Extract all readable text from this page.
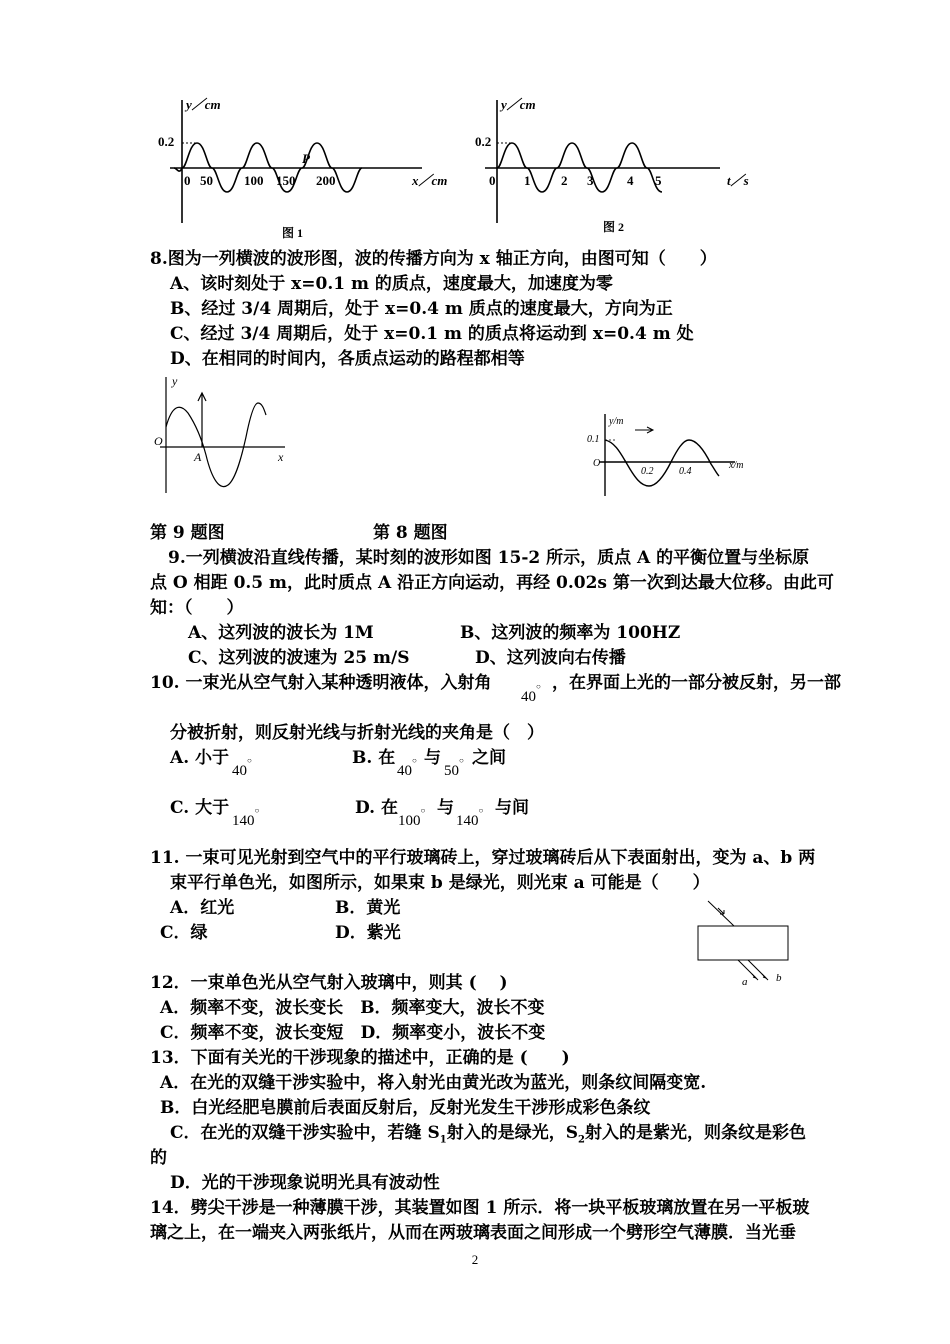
y／cm
0.2
0 50 100 150 200
P
x／cm
图 1
y／cm
0.2
0 1 2 3	4 5	t／s
图 2
8.图为一列横波的波形图，波的传播方向为 x 轴正方向，由图可知（　　）
A、该时刻处于 x=0.1 m 的质点，速度最大，加速度为零
B、经过 3/4 周期后，处于 x=0.4 m 质点的速度最大，方向为正
C、经过 3/4 周期后，处于 x=0.1 m 的质点将运动到 x=0.4 m 处
D、在相同的时间内，各质点运动的路程都相等
y
O
A	x
y/m
0.1
O
0.2	0.4
x/m
第 9 题图	第 8 题图
9.一列横波沿直线传播，某时刻的波形如图 15-2 所示，质点 A 的平衡位置与坐标原
点 O 相距 0.5 m，此时质点 A 沿正方向运动，再经 0.02s 第一次到达最大位移。由此可
知：（　　）
A、这列波的波长为 1M	B、这列波的频率为 100HZ
C、这列波的波速为 25 m/S	D、这列波向右传播
10. 一束光从空气射入某种透明液体，入射角
40○ ，在界面上光的一部分被反射，另一部
分被折射，则反射光线与折射光线的夹角是（　）
A. 小于
40○	B. 在
40○ 与
50○ 之间
C. 大于
140○	D. 在
100○ 与
140○ 与间
11. 一束可见光射到空气中的平行玻璃砖上，穿过玻璃砖后从下表面射出，变为 a、b 两
束平行单色光，如图所示，如果束 b 是绿光，则光束 a 可能是（　　）
A．红光	B．黄光
C．绿	D．紫光
a	b
12．一束单色光从空气射入玻璃中，则其 (　 )
A．频率不变，波长变长　B．频率变大，波长不变
C．频率不变，波长变短　D．频率变小，波长不变
13．下面有关光的干涉现象的描述中，正确的是 (　　)
A．在光的双缝干涉实验中，将入射光由黄光改为蓝光，则条纹间隔变宽.
B．白光经肥皂膜前后表面反射后，反射光发生干涉形成彩色条纹
C．在光的双缝干涉实验中，若缝 $S_1$射入的是绿光，$S_2$射入的是紫光，则条纹是彩色
的
D．光的干涉现象说明光具有波动性
14．劈尖干涉是一种薄膜干涉，其装置如图 1 所示．将一块平板玻璃放置在另一平板玻
璃之上，在一端夹入两张纸片，从而在两玻璃表面之间形成一个劈形空气薄膜．当光垂
2
